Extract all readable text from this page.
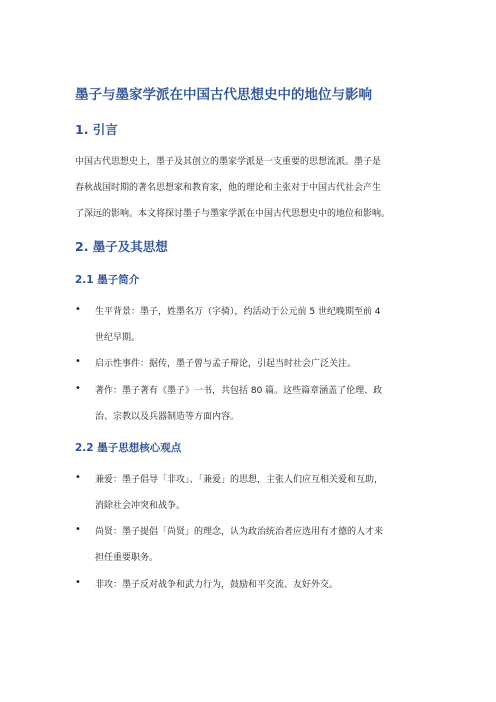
墨子与墨家学派在中国古代思想史中的地位与影响
1. 引言
中国古代思想史上，墨子及其创立的墨家学派是一支重要的思想流派。墨子是
春秋战国时期的著名思想家和教育家，他的理论和主张对于中国古代社会产生
了深远的影响。本文将探讨墨子与墨家学派在中国古代思想史中的地位和影响。
2. 墨子及其思想
2.1 墨子简介
• 生平背景：墨子，姓墨名万（字骑），约活动于公元前 5 世纪晚期至前 4
世纪早期。
• 启示性事件：据传，墨子曾与孟子辩论，引起当时社会广泛关注。
• 著作：墨子著有《墨子》一书，共包括 80 篇。这些篇章涵盖了伦理、政
治、宗教以及兵器制造等方面内容。
2.2 墨子思想核心观点
• 兼爱：墨子倡导「非攻」、「兼爱」的思想，主张人们应互相关爱和互助，
消除社会冲突和战争。
• 尚贤：墨子提倡「尚贤」的理念，认为政治统治者应选用有才德的人才来
担任重要职务。
• 非攻：墨子反对战争和武力行为，鼓励和平交流、友好外交。
